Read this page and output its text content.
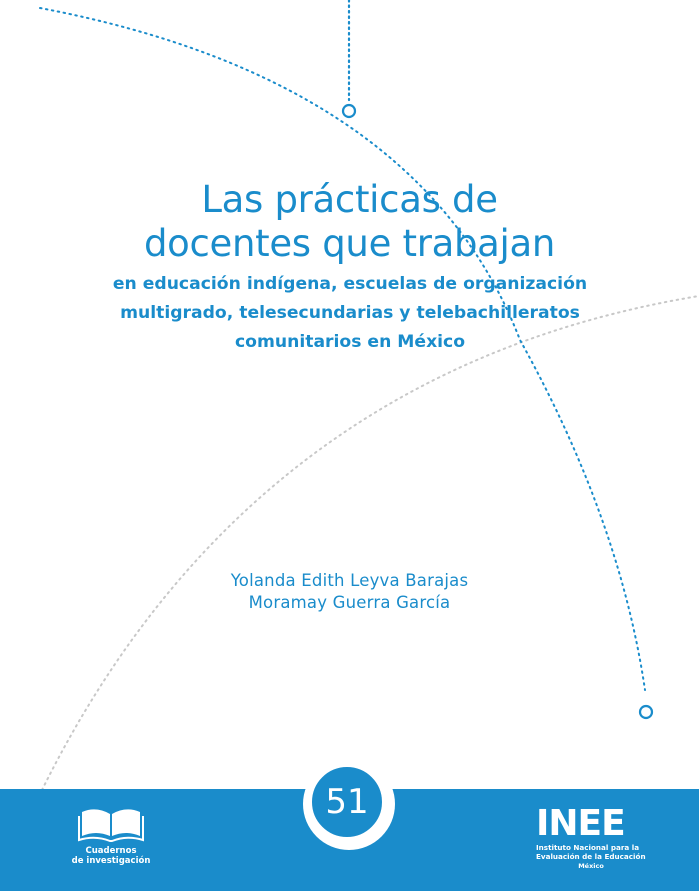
Las prácticas de
docentes que trabajan
en educación indígena, escuelas de organización multigrado, telesecundarias y telebachilleratos comunitarios en México
Yolanda Edith Leyva Barajas
Moramay Guerra García
51
Cuadernos
de investigación
INEE
Instituto Nacional para la Evaluación de la Educación
México
